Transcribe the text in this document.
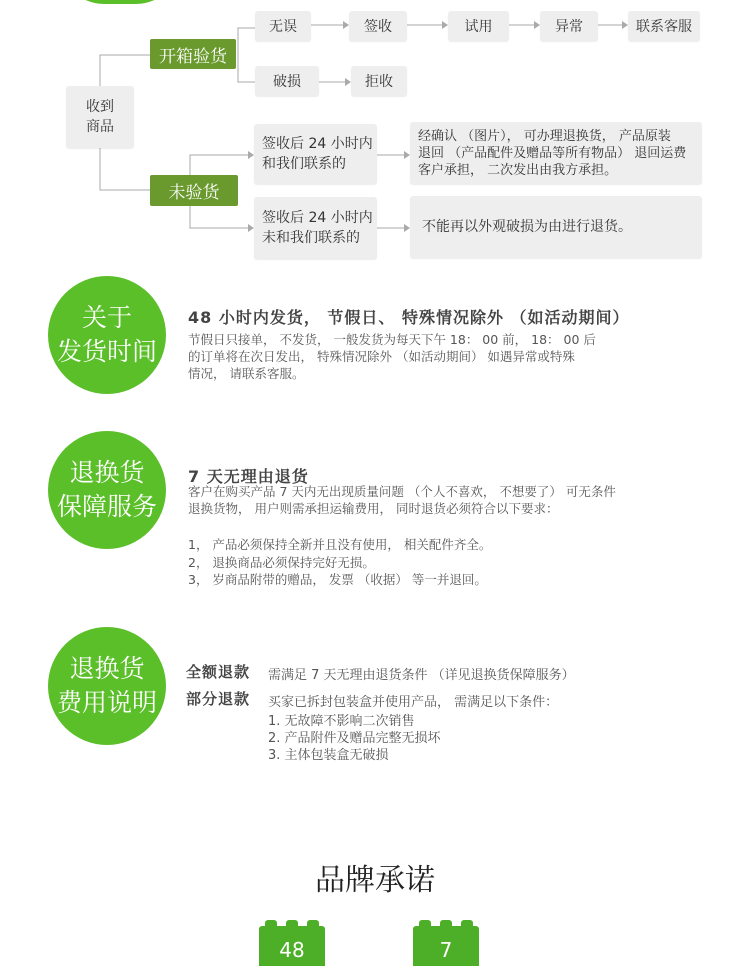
收到
商品
开箱验货
未验货
无误	签收	试用	异常	联系客服
破损	拒收
签收后 24 小时内
和我们联系的
经确认 （图片）， 可办理退换货， 产品原装
退回 （产品配件及赠品等所有物品） 退回运费
客户承担， 二次发出由我方承担。
签收后 24 小时内
未和我们联系的
不能再以外观破损为由进行退货。
关于
发货时间
48 小时内发货， 节假日、 特殊情况除外 （如活动期间）
节假日只接单， 不发货， 一般发货为每天下午 18： 00 前， 18： 00 后
的订单将在次日发出， 特殊情况除外 （如活动期间） 如遇异常或特殊
情况， 请联系客服。
退换货
保障服务
7 天无理由退货
客户在购买产品 7 天内无出现质量问题 （个人不喜欢， 不想要了） 可无条件
退换货物， 用户则需承担运输费用， 同时退货必须符合以下要求：
1， 产品必须保持全新并且没有使用， 相关配件齐全。
2， 退换商品必须保持完好无损。
3， 岁商品附带的赠品， 发票 （收据） 等一并退回。
退换货
费用说明
全额退款 需满足 7 天无理由退货条件 （详见退换货保障服务）
部分退款 买家已拆封包装盒并使用产品， 需满足以下条件：
1. 无故障不影响二次销售
2. 产品附件及赠品完整无损坏
3. 主体包装盒无破损
品牌承诺
48	7
